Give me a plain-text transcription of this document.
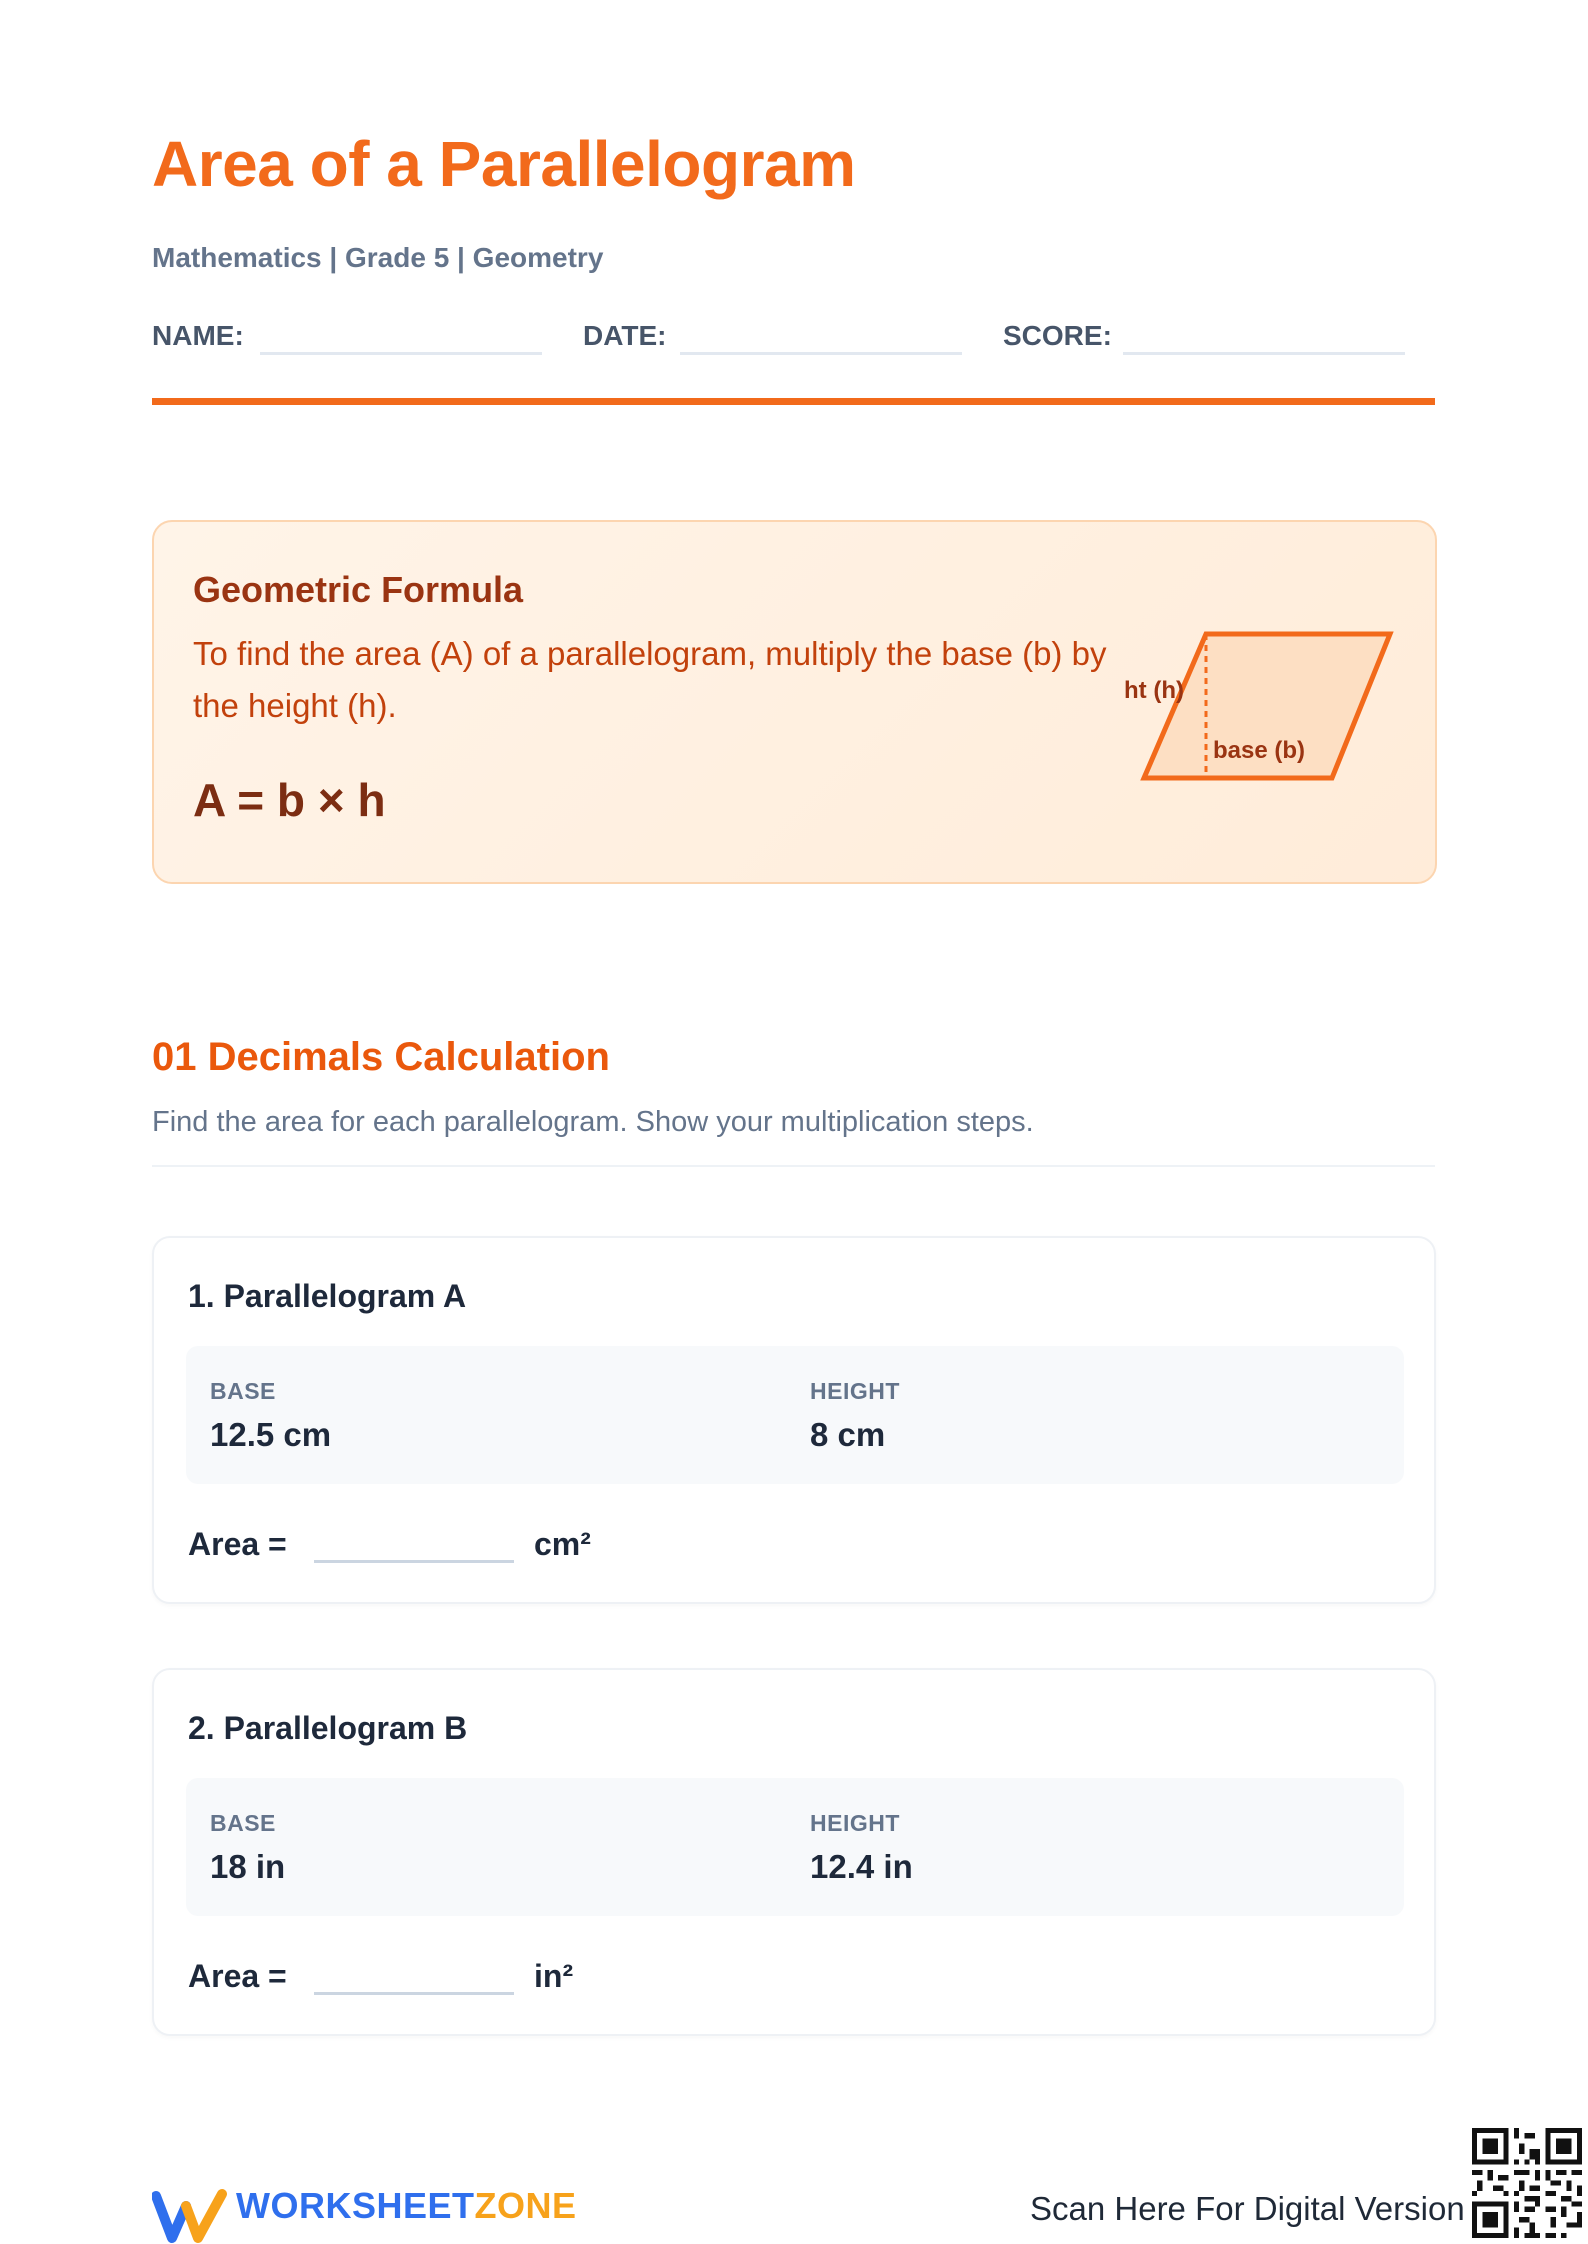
Area of a Parallelogram
Mathematics | Grade 5 | Geometry
NAME:	DATE:	SCORE:
Geometric Formula
To find the area (A) of a parallelogram, multiply the base (b) by the height (h).
A = b × h
ht (h)
base (b)
01 Decimals Calculation
Find the area for each parallelogram. Show your multiplication steps.
1. Parallelogram A
BASE
12.5 cm
HEIGHT
8 cm
Area =	cm²
2. Parallelogram B
BASE
18 in
HEIGHT
12.4 in
Area =	in²
WORKSHEETZONE	Scan Here For Digital Version
